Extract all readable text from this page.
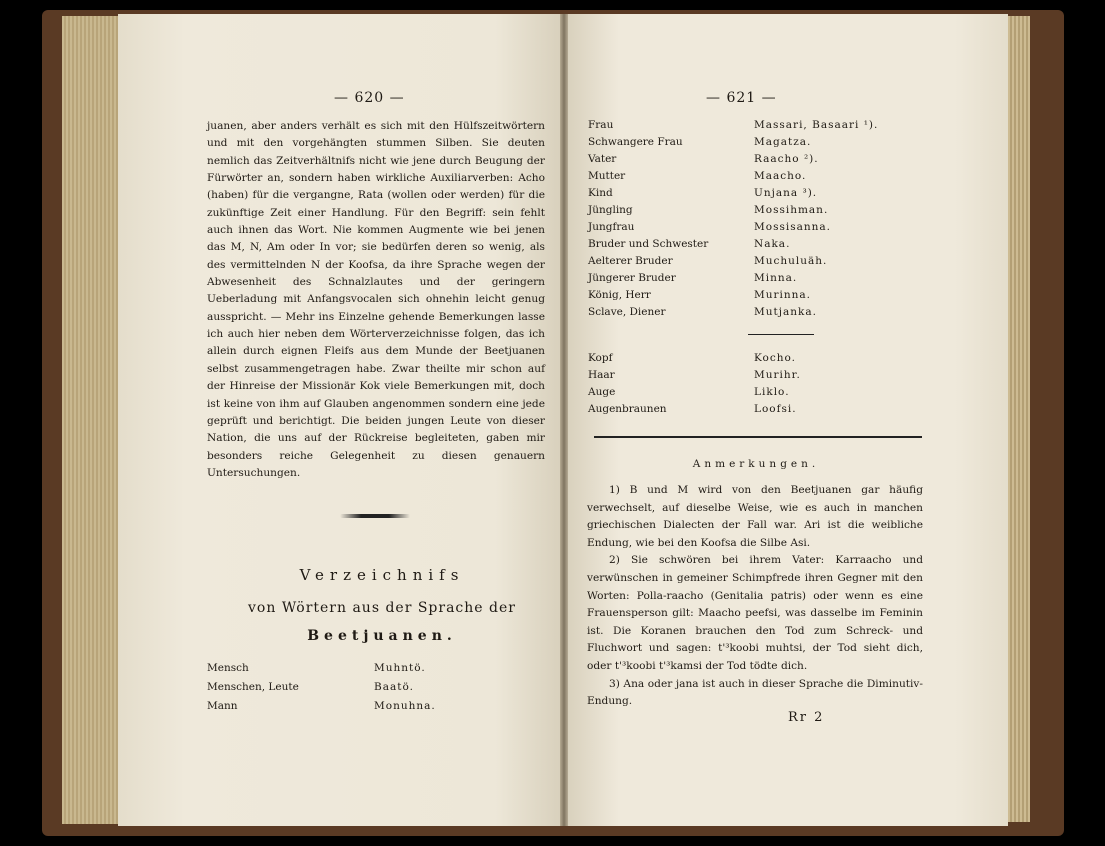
— 620 —
juanen, aber anders verhält es sich mit den Hülfszeitwörtern und mit den vorgehängten stummen Silben. Sie deuten nemlich das Zeitverhältnifs nicht wie jene durch Beugung der Fürwörter an, sondern haben wirkliche Auxiliarverben: Acho (haben) für die vergangne, Rata (wollen oder werden) für die zukünftige Zeit einer Handlung. Für den Begriff: sein fehlt auch ihnen das Wort. Nie kommen Augmente wie bei jenen das M, N, Am oder In vor; sie bedürfen deren so wenig, als des vermittelnden N der Koofsa, da ihre Sprache wegen der Abwesenheit des Schnalzlautes und der geringern Ueberladung mit Anfangsvocalen sich ohnehin leicht genug ausspricht. — Mehr ins Einzelne gehende Bemerkungen lasse ich auch hier neben dem Wörterverzeichnisse folgen, das ich allein durch eignen Fleifs aus dem Munde der Beetjuanen selbst zusammengetragen habe. Zwar theilte mir schon auf der Hinreise der Missionär Kok viele Bemerkungen mit, doch ist keine von ihm auf Glauben angenommen sondern eine jede geprüft und berichtigt. Die beiden jungen Leute von dieser Nation, die uns auf der Rückreise begleiteten, gaben mir besonders reiche Gelegenheit zu diesen genauern Untersuchungen.
Verzeichnifs
von Wörtern aus der Sprache der
Beetjuanen.
Mensch	Muhntö.
Menschen, Leute	Baatö.
Mann	Monuhna.
— 621 —
Frau	Massari, Basaari ¹).
Schwangere Frau	Magatza.
Vater	Raacho ²).
Mutter	Maacho.
Kind	Unjana ³).
Jüngling	Mossihman.
Jungfrau	Mossisanna.
Bruder und Schwester	Naka.
Aelterer Bruder	Muchuluäh.
Jüngerer Bruder	Minna.
König, Herr	Murinna.
Sclave, Diener	Mutjanka.
Kopf	Kocho.
Haar	Murihr.
Auge	Liklo.
Augenbraunen	Loofsi.
Anmerkungen.
1) B und M wird von den Beetjuanen gar häufig verwechselt, auf dieselbe Weise, wie es auch in manchen griechischen Dialecten der Fall war. Ari ist die weibliche Endung, wie bei den Koofsa die Silbe Asi.
2) Sie schwören bei ihrem Vater: Karraacho und verwünschen in gemeiner Schimpfrede ihren Gegner mit den Worten: Polla-raacho (Genitalia patris) oder wenn es eine Frauensperson gilt: Maacho peefsi, was dasselbe im Feminin ist. Die Koranen brauchen den Tod zum Schreck- und Fluchwort und sagen: t'³koobi muhtsi, der Tod sieht dich, oder t'³koobi t'³kamsi der Tod tödte dich.
3) Ana oder jana ist auch in dieser Sprache die Diminutiv-Endung.
Rr 2
